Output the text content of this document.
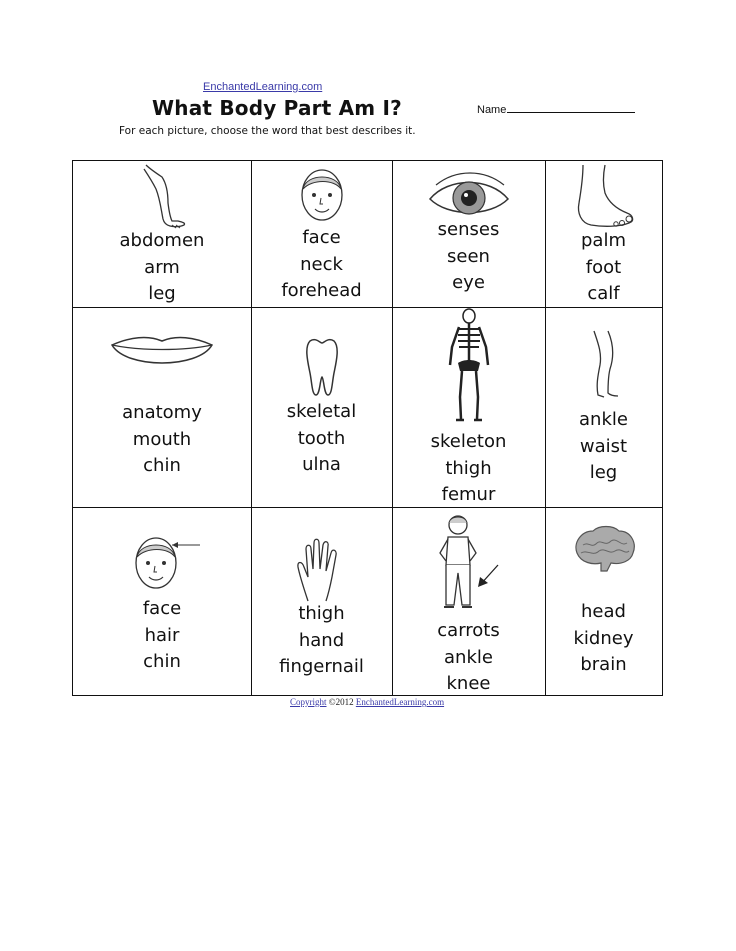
EnchantedLearning.com
What Body Part Am I?	Name
For each picture, choose the word that best describes it.
abdomen
arm
leg
face
neck
forehead
senses
seen
eye
palm
foot
calf
anatomy
mouth
chin
skeletal
tooth
ulna
skeleton
thigh
femur
ankle
waist
leg
face
hair
chin
thigh
hand
fingernail
carrots
ankle
knee
head
kidney
brain
Copyright ©2012 EnchantedLearning.com
